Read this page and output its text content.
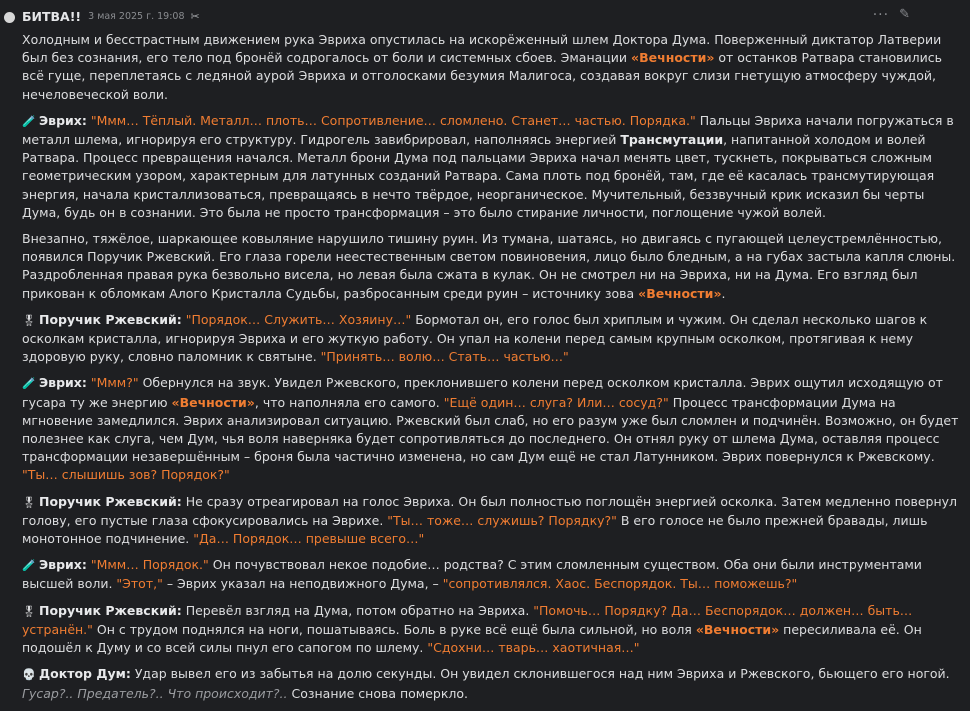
БИТВА!! 3 мая 2025 г. 19:08 ✂	··· ✎

Холодным и бесстрастным движением рука Эвриха опустилась на искорёженный шлем Доктора Дума. Поверженный диктатор Латверии был без сознания, его тело под бронёй содрогалось от боли и системных сбоев. Эманации «Вечности» от останков Ратвара становились всё гуще, переплетаясь с ледяной аурой Эвриха и отголосками безумия Малигоса, создавая вокруг слизи гнетущую атмосферу чуждой, нечеловеческой воли.

🧪 Эврих: "Ммм… Тёплый. Металл… плоть… Сопротивление… сломлено. Станет… частью. Порядка." Пальцы Эвриха начали погружаться в металл шлема, игнорируя его структуру. Гидрогель завибрировал, наполняясь энергией Трансмутации, напитанной холодом и волей Ратвара. Процесс превращения начался. Металл брони Дума под пальцами Эвриха начал менять цвет, тускнеть, покрываться сложным геометрическим узором, характерным для латунных созданий Ратвара. Сама плоть под бронёй, там, где её касалась трансмутирующая энергия, начала кристаллизоваться, превращаясь в нечто твёрдое, неорганическое. Мучительный, беззвучный крик исказил бы черты Дума, будь он в сознании. Это была не просто трансформация – это было стирание личности, поглощение чужой волей.

Внезапно, тяжёлое, шаркающее ковыляние нарушило тишину руин. Из тумана, шатаясь, но двигаясь с пугающей целеустремлённостью, появился Поручик Ржевский. Его глаза горели неестественным светом повиновения, лицо было бледным, а на губах застыла капля слюны. Раздробленная правая рука безвольно висела, но левая была сжата в кулак. Он не смотрел ни на Эвриха, ни на Дума. Его взгляд был прикован к обломкам Алого Кристалла Судьбы, разбросанным среди руин – источнику зова «Вечности».

🎖 Поручик Ржевский: "Порядок… Служить… Хозяину…" Бормотал он, его голос был хриплым и чужим. Он сделал несколько шагов к осколкам кристалла, игнорируя Эвриха и его жуткую работу. Он упал на колени перед самым крупным осколком, протягивая к нему здоровую руку, словно паломник к святыне. "Принять… волю… Стать… частью…"

🧪 Эврих: "Ммм?" Обернулся на звук. Увидел Ржевского, преклонившего колени перед осколком кристалла. Эврих ощутил исходящую от гусара ту же энергию «Вечности», что наполняла его самого. "Ещё один… слуга? Или… сосуд?" Процесс трансформации Дума на мгновение замедлился. Эврих анализировал ситуацию. Ржевский был слаб, но его разум уже был сломлен и подчинён. Возможно, он будет полезнее как слуга, чем Дум, чья воля наверняка будет сопротивляться до последнего. Он отнял руку от шлема Дума, оставляя процесс трансформации незавершённым – броня была частично изменена, но сам Дум ещё не стал Латунником. Эврих повернулся к Ржевскому. "Ты… слышишь зов? Порядок?"

🎖 Поручик Ржевский: Не сразу отреагировал на голос Эвриха. Он был полностью поглощён энергией осколка. Затем медленно повернул голову, его пустые глаза сфокусировались на Эврихе. "Ты… тоже… служишь? Порядку?" В его голосе не было прежней бравады, лишь монотонное подчинение. "Да… Порядок… превыше всего…"

🧪 Эврих: "Ммм… Порядок." Он почувствовал некое подобие… родства? С этим сломленным существом. Оба они были инструментами высшей воли. "Этот," – Эврих указал на неподвижного Дума, – "сопротивлялся. Хаос. Беспорядок. Ты… поможешь?"

🎖 Поручик Ржевский: Перевёл взгляд на Дума, потом обратно на Эвриха. "Помочь… Порядку? Да… Беспорядок… должен… быть… устранён." Он с трудом поднялся на ноги, пошатываясь. Боль в руке всё ещё была сильной, но воля «Вечности» пересиливала её. Он подошёл к Думу и со всей силы пнул его сапогом по шлему. "Сдохни… тварь… хаотичная…"

💀 Доктор Дум: Удар вывел его из забытья на долю секунды. Он увидел склонившегося над ним Эвриха и Ржевского, бьющего его ногой. Гусар?.. Предатель?.. Что происходит?.. Сознание снова померкло.
